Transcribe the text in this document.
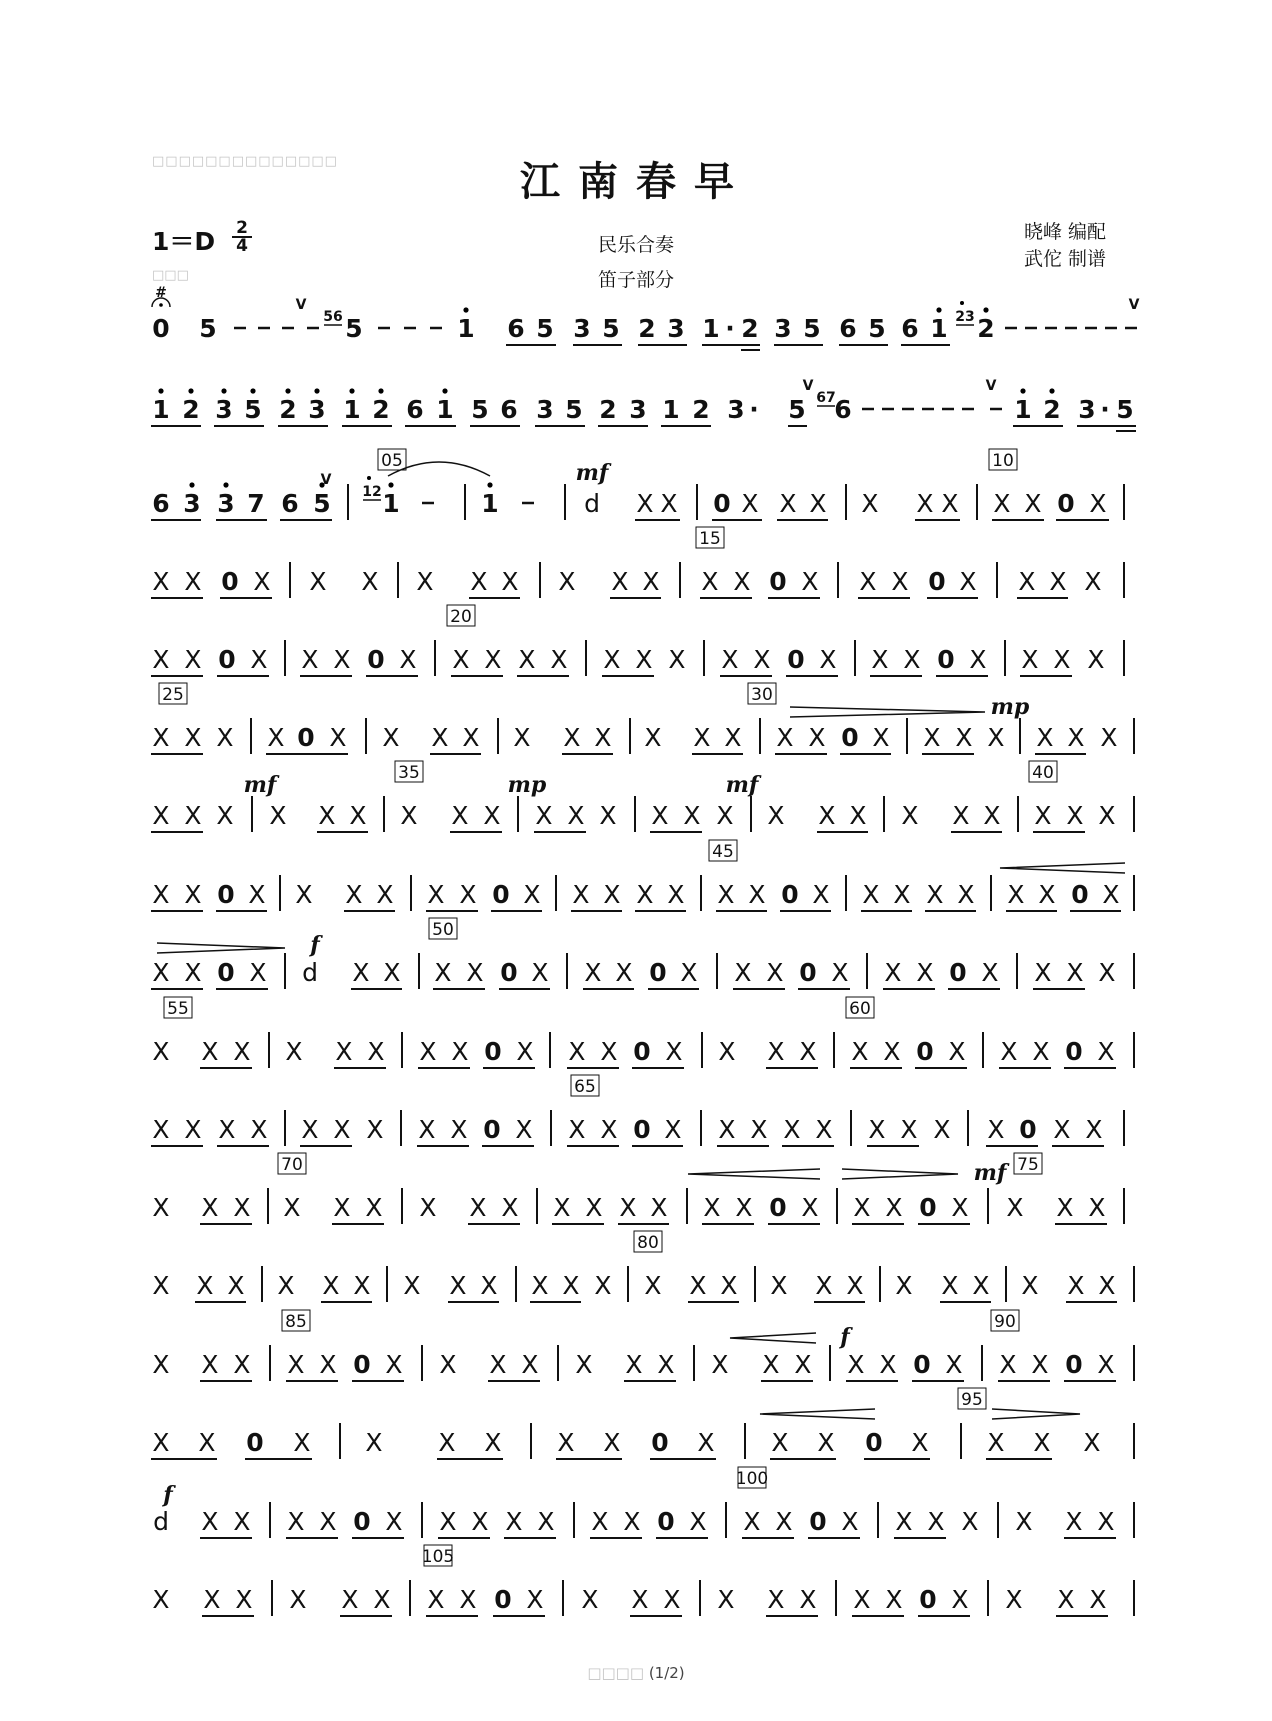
□□□□□□□□□□□□□□	江南春早
$1=D \frac{2}{4}$
□□□
民乐合奏
笛子部分
晓峰 编配
武佗 制谱
0
#
5
V
56 5	1 6 5 3 5 2 3 1 · 2 3 5 6 5 6 1 23 2
V
1 2 3 5 2 3 1 2 6 1 5 6 3 5 2 3 1 2 3 · 5
V
67
6
V
1 2 3 · 5
6 3 3 7 6 5
V
12 1	1	d X X 0 X X X X X X X X 0 X
05	10
mf
X X 0 X X X X X X X X X X X 0 X X X 0 X X X X
15
X X 0 X X X 0 X X X X X X X X X X 0 X X X 0 X X X X
20
X X X X 0 X X X X X X X X X X X X 0 X X X X X X X
25	30	mp
X X X X X X X X X X X X X X X X X X X X X X X X
35	40
mf	mp	mf
X X 0 X X X X X X 0 X X X X X X X 0 X X X X X X X 0 X
45
X X 0 X d X X X X 0 X X X 0 X X X 0 X X X 0 X X X X
50
f
X X X X X X X X 0 X X X 0 X X X X X X 0 X X X 0 X
55	60
X X X X X X X X X 0 X X X 0 X X X X X X X X X 0 X X
65
X X X X X X X X X X X X X X X 0 X X X 0 X X X X
70	75
mf
X X X X X X X X X X X X X X X X X X X X X X X X
80
X X X X X 0 X X X X X X X X X X X X 0 X X X 0 X
85	90
f
X X 0 X X X X X X 0 X X X 0 X X X X
95
d X X X X 0 X X X X X X X 0 X X X 0 X X X X X X X
100
f
X X X X X X X X 0 X X X X X X X X X 0 X X X X
105
□□□□ (1/2)
